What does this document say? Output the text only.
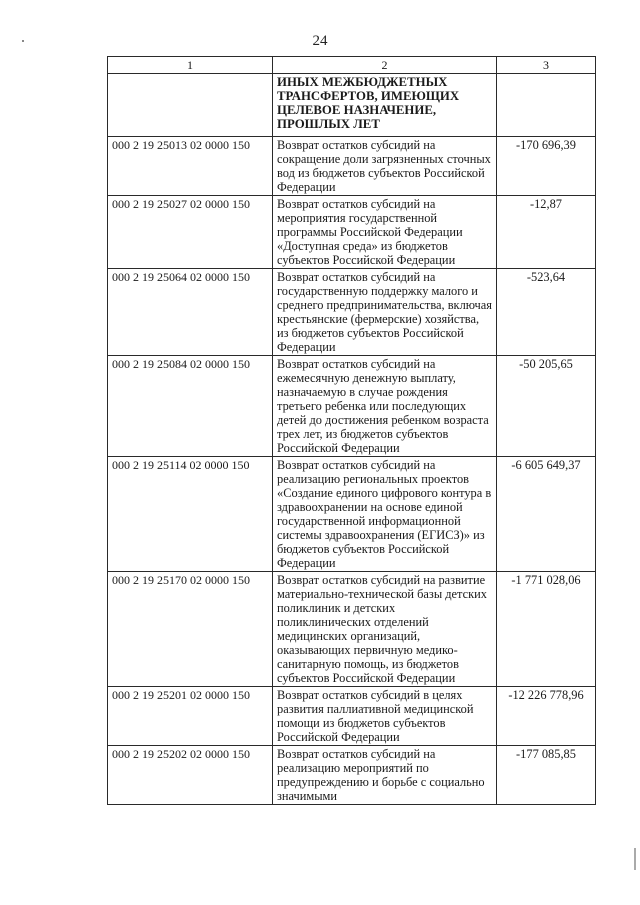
24
1	2	3
	ИНЫХ МЕЖБЮДЖЕТНЫХ ТРАНСФЕРТОВ, ИМЕЮЩИХ ЦЕЛЕВОЕ НАЗНАЧЕНИЕ, ПРОШЛЫХ ЛЕТ	
000 2 19 25013 02 0000 150	Возврат остатков субсидий на сокращение доли загрязненных сточных вод из бюджетов субъектов Российской Федерации	-170 696,39
000 2 19 25027 02 0000 150	Возврат остатков субсидий на мероприятия государственной программы Российской Федерации «Доступная среда» из бюджетов субъектов Российской Федерации	-12,87
000 2 19 25064 02 0000 150	Возврат остатков субсидий на государственную поддержку малого и среднего предпринимательства, включая крестьянские (фермерские) хозяйства, из бюджетов субъектов Российской Федерации	-523,64
000 2 19 25084 02 0000 150	Возврат остатков субсидий на ежемесячную денежную выплату, назначаемую в случае рождения третьего ребенка или последующих детей до достижения ребенком возраста трех лет, из бюджетов субъектов Российской Федерации	-50 205,65
000 2 19 25114 02 0000 150	Возврат остатков субсидий на реализацию региональных проектов «Создание единого цифрового контура в здравоохранении на основе единой государственной информационной системы здравоохранения (ЕГИСЗ)» из бюджетов субъектов Российской Федерации	-6 605 649,37
000 2 19 25170 02 0000 150	Возврат остатков субсидий на развитие материально-технической базы детских поликлиник и детских поликлинических отделений медицинских организаций, оказывающих первичную медико-санитарную помощь, из бюджетов субъектов Российской Федерации	-1 771 028,06
000 2 19 25201 02 0000 150	Возврат остатков субсидий в целях развития паллиативной медицинской помощи из бюджетов субъектов Российской Федерации	-12 226 778,96
000 2 19 25202 02 0000 150	Возврат остатков субсидий на реализацию мероприятий по предупреждению и борьбе с социально значимыми	-177 085,85
